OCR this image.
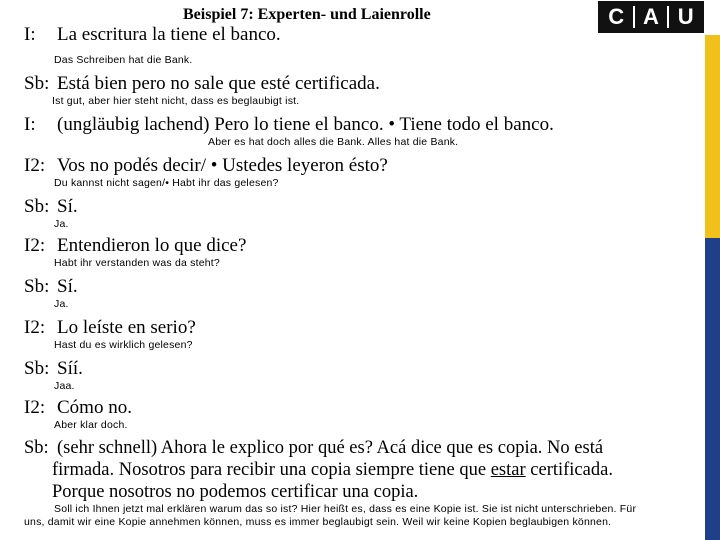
Beispiel 7: Experten- und Laienrolle	C A U
I: La escritura la tiene el banco.
Das Schreiben hat die Bank.
Sb: Está bien pero no sale que esté certificada.
Ist gut, aber hier steht nicht, dass es beglaubigt ist.
I: (ungläubig lachend) Pero lo tiene el banco. • Tiene todo el banco.
Aber es hat doch alles die Bank. Alles hat die Bank.
I2: Vos no podés decir/ • Ustedes leyeron ésto?
Du kannst nicht sagen/• Habt ihr das gelesen?
Sb: Sí.
Ja.
I2: Entendieron lo que dice?
Habt ihr verstanden was da steht?
Sb: Sí.
Ja.
I2: Lo leíste en serio?
Hast du es wirklich gelesen?
Sb: Síí.
Jaa.
I2: Cómo no.
Aber klar doch.
Sb: (sehr schnell) Ahora le explico por qué es? Acá dice que es copia. No está
firmada. Nosotros para recibir una copia siempre tiene que estar certificada.
Porque nosotros no podemos certificar una copia.
Soll ich Ihnen jetzt mal erklären warum das so ist? Hier heißt es, dass es eine Kopie ist. Sie ist nicht unterschrieben. Für
uns, damit wir eine Kopie annehmen können, muss es immer beglaubigt sein. Weil wir keine Kopien beglaubigen können.
